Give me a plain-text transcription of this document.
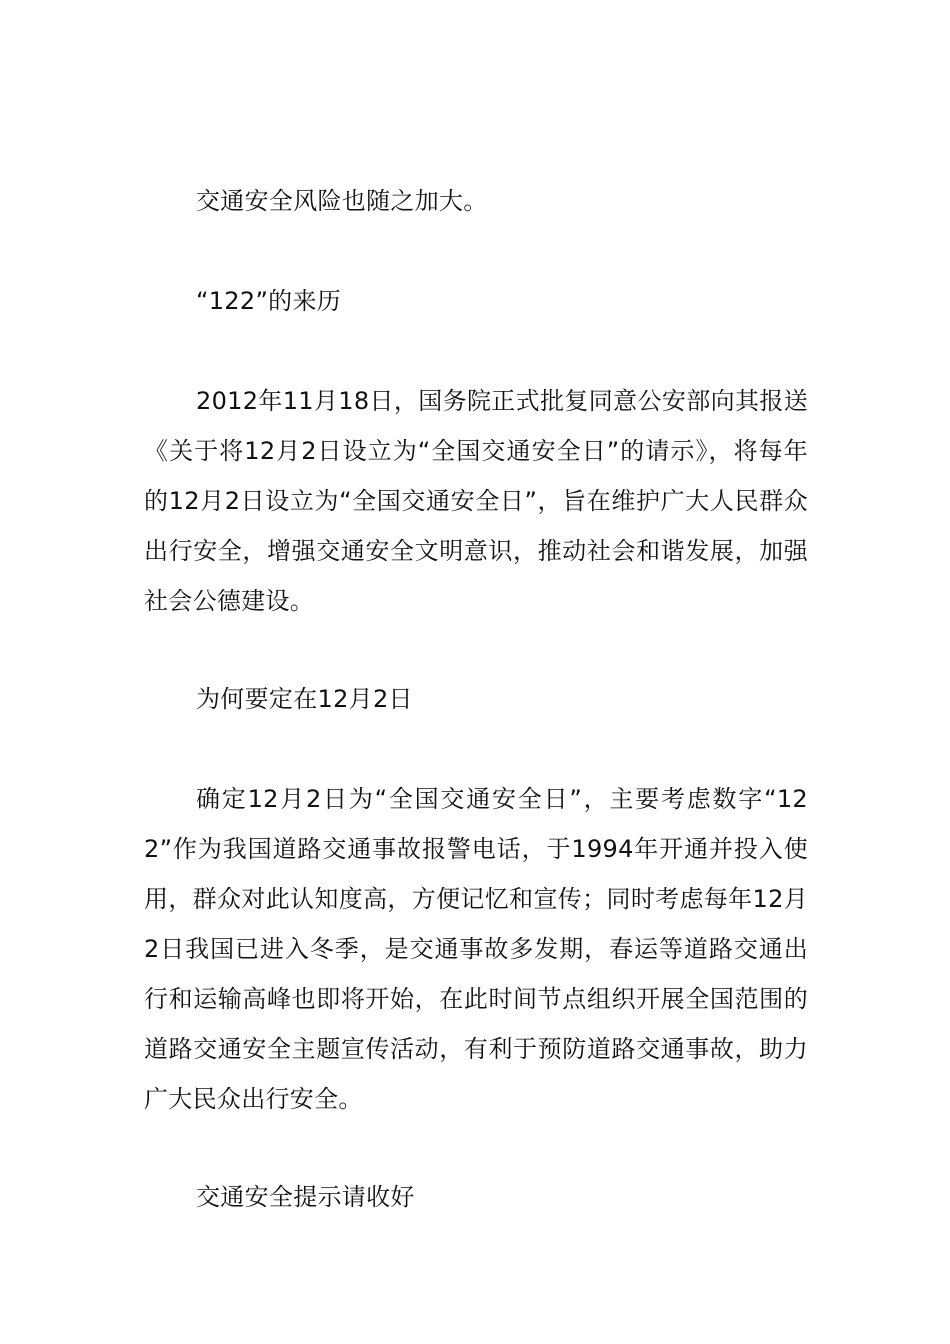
交通安全风险也随之加大。

“122”的来历

2012年11月18日，国务院正式批复同意公安部向其报送《关于将12月2日设立为“全国交通安全日”的请示》，将每年的12月2日设立为“全国交通安全日”，旨在维护广大人民群众出行安全，增强交通安全文明意识，推动社会和谐发展，加强社会公德建设。

为何要定在12月2日

确定12月2日为“全国交通安全日”，主要考虑数字“122”作为我国道路交通事故报警电话，于1994年开通并投入使用，群众对此认知度高，方便记忆和宣传；同时考虑每年12月2日我国已进入冬季，是交通事故多发期，春运等道路交通出行和运输高峰也即将开始，在此时间节点组织开展全国范围的道路交通安全主题宣传活动，有利于预防道路交通事故，助力广大民众出行安全。

交通安全提示请收好
